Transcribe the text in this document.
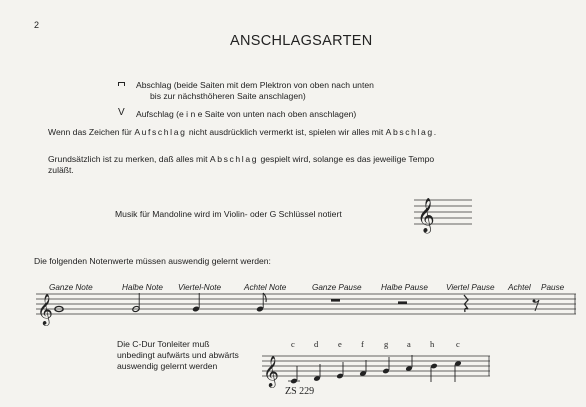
2
ANSCHLAGSARTEN
Abschlag (beide Saiten mit dem Plektron von oben nach unten
bis zur nächsthöheren Saite anschlagen)
V Aufschlag (e i n e Saite von unten nach oben anschlagen)
Wenn das Zeichen für Aufschlag nicht ausdrücklich vermerkt ist, spielen wir alles mit Abschlag.
Grundsätzlich ist zu merken, daß alles mit Abschlag gespielt wird, solange es das jeweilige Tempo
zuläßt.
Musik für Mandoline wird im Violin- oder G Schlüssel notiert	𝄞
Die folgenden Notenwerte müssen auswendig gelernt werden:
Ganze Note	Halbe Note Viertel-Note	Achtel Note	Ganze Pause Halbe Pause Viertel Pause Achtel Pause
𝄞
Die C-Dur Tonleiter muß
unbedingt aufwärts und abwärts
auswendig gelernt werden
c d e f g a h	c
𝄞
ZS 229
